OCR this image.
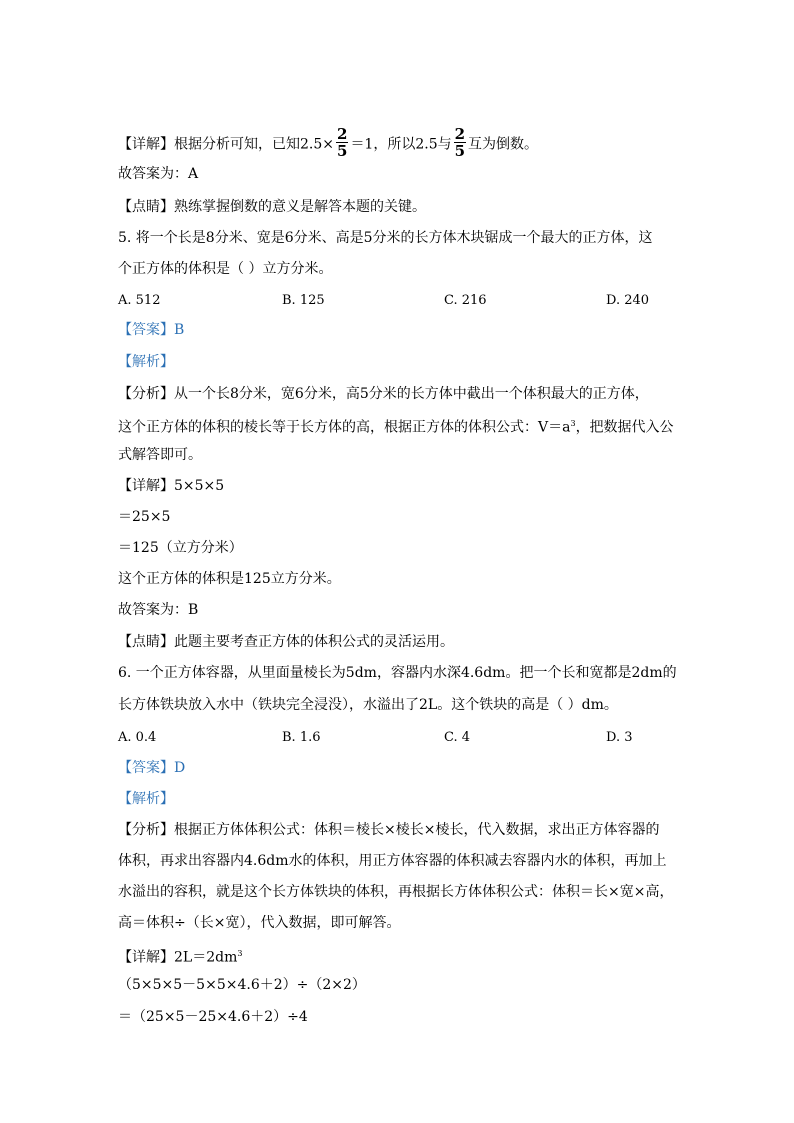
【详解】根据分析可知，已知$2.5\times \frac{2}{5} =1$，所以2.5与 $\frac{2}{5}$ 互为倒数。
故答案为：A
【点睛】熟练掌握倒数的意义是解答本题的关键。
5. 将一个长是8分米、宽是6分米、高是5分米的长方体木块锯成一个最大的正方体，这
个正方体的体积是（ ）立方分米。
A. 512	B. 125	C. 216	D. 240
【答案】B
【解析】
【分析】从一个长8分米，宽6分米，高5分米的长方体中截出一个体积最大的正方体，
这个正方体的体积的棱长等于长方体的高，根据正方体的体积公式：$V=a^3$，把数据代入公
式解答即可。
【详解】5×5×5
＝25×5
＝125（立方分米）
这个正方体的体积是125立方分米。
故答案为：B
【点睛】此题主要考查正方体的体积公式的灵活运用。
6. 一个正方体容器，从里面量棱长为5dm，容器内水深4.6dm。把一个长和宽都是2dm的
长方体铁块放入水中（铁块完全浸没），水溢出了2L。这个铁块的高是（ ）dm。
A. 0.4	B. 1.6	C. 4	D. 3
【答案】D
【解析】
【分析】根据正方体体积公式：体积＝棱长×棱长×棱长，代入数据，求出正方体容器的
体积，再求出容器内4.6dm水的体积，用正方体容器的体积减去容器内水的体积，再加上
水溢出的容积，就是这个长方体铁块的体积，再根据长方体体积公式：体积＝长×宽×高，
高＝体积÷（长×宽），代入数据，即可解答。
【详解】$2L=2dm^3$
（5×5×5－5×5×4.6＋2）÷（2×2）
＝（25×5－25×4.6＋2）÷4
